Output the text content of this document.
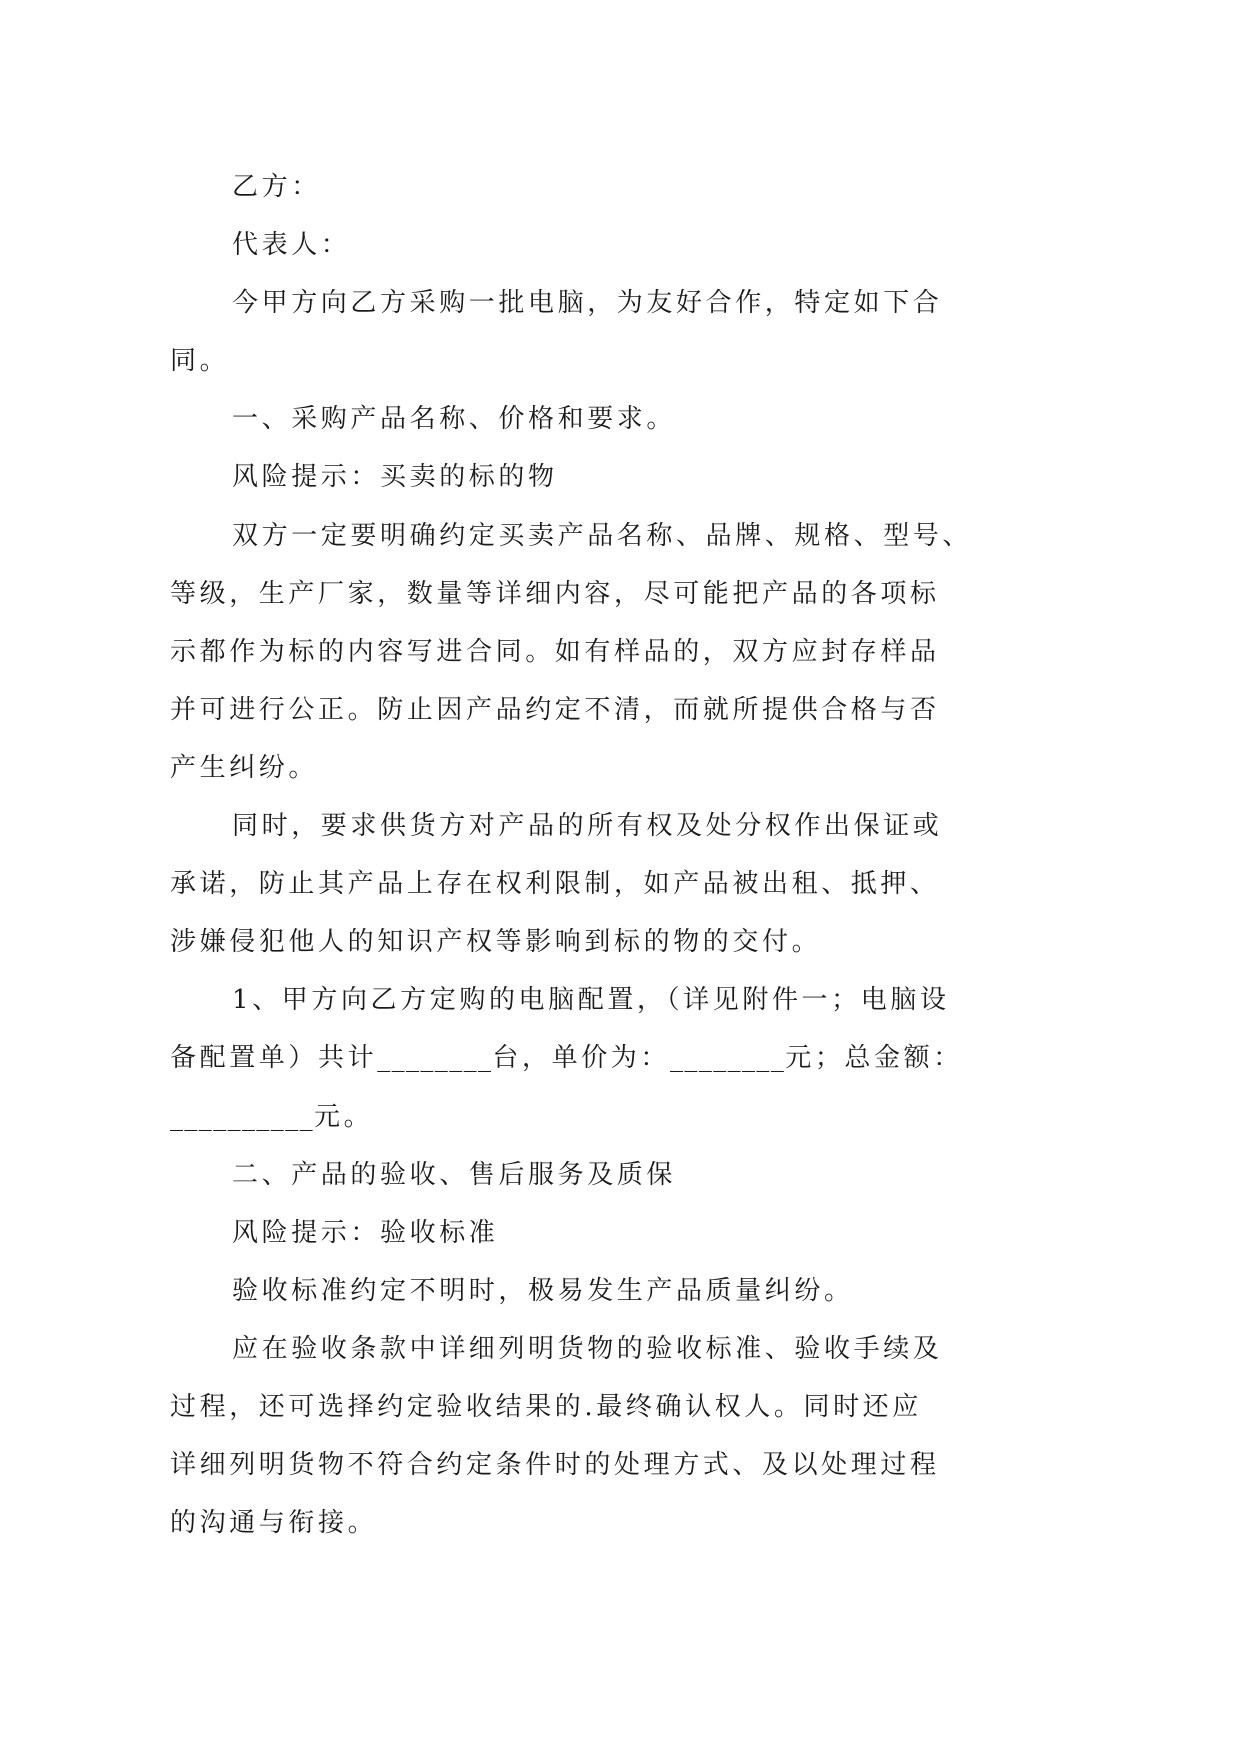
乙方：
代表人：
今甲方向乙方采购一批电脑，为友好合作，特定如下合
同。
一、采购产品名称、价格和要求。
风险提示：买卖的标的物
双方一定要明确约定买卖产品名称、品牌、规格、型号、
等级，生产厂家，数量等详细内容，尽可能把产品的各项标
示都作为标的内容写进合同。如有样品的，双方应封存样品
并可进行公正。防止因产品约定不清，而就所提供合格与否
产生纠纷。
同时，要求供货方对产品的所有权及处分权作出保证或
承诺，防止其产品上存在权利限制，如产品被出租、抵押、
涉嫌侵犯他人的知识产权等影响到标的物的交付。
1、甲方向乙方定购的电脑配置，（详见附件一；电脑设
备配置单）共计________台，单价为：________元；总金额：
__________元。
二、产品的验收、售后服务及质保
风险提示：验收标准
验收标准约定不明时，极易发生产品质量纠纷。
应在验收条款中详细列明货物的验收标准、验收手续及
过程，还可选择约定验收结果的.最终确认权人。同时还应
详细列明货物不符合约定条件时的处理方式、及以处理过程
的沟通与衔接。
